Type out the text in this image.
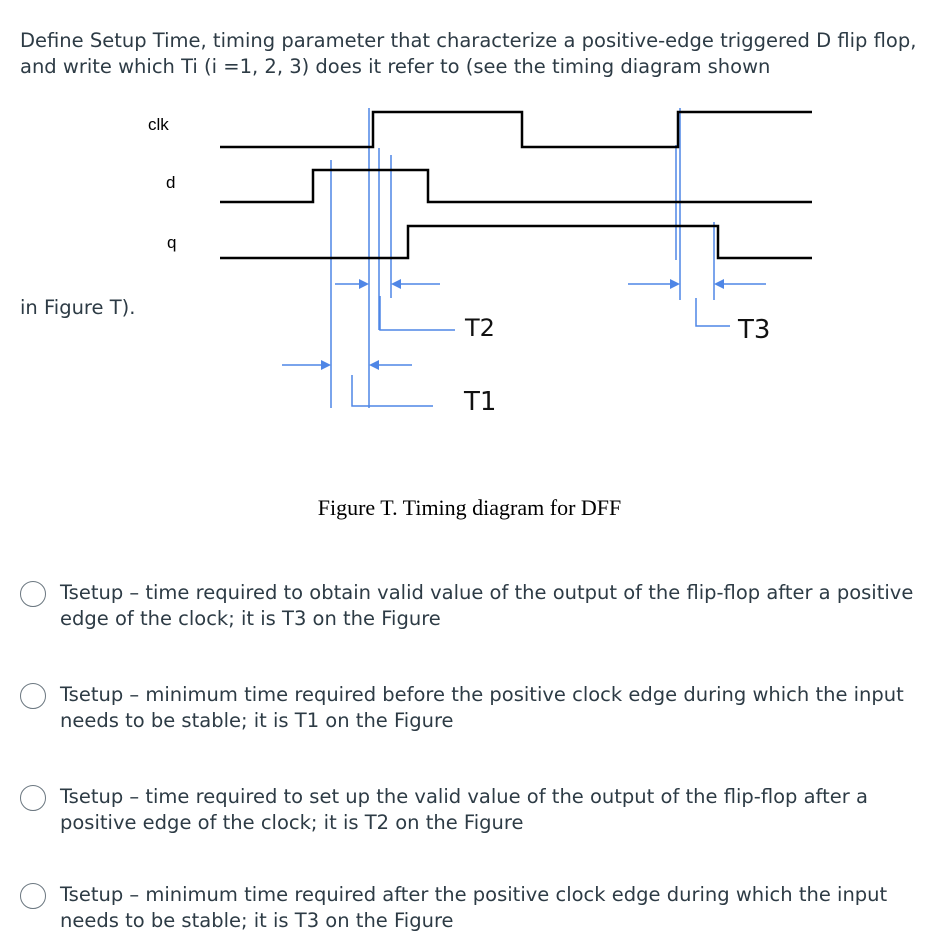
Define Setup Time, timing parameter that characterize a positive-edge triggered D flip flop, and write which Ti (i =1, 2, 3) does it refer to (see the timing diagram shown

in Figure T).
clk
d
q
T2	T3
T1
Figure T. Timing diagram for DFF
Tsetup – time required to obtain valid value of the output of the flip-flop after a positive edge of the clock; it is T3 on the Figure
Tsetup – minimum time required before the positive clock edge during which the input needs to be stable; it is T1 on the Figure
Tsetup – time required to set up the valid value of the output of the flip-flop after a positive edge of the clock; it is T2 on the Figure
Tsetup – minimum time required after the positive clock edge during which the input needs to be stable; it is T3 on the Figure
